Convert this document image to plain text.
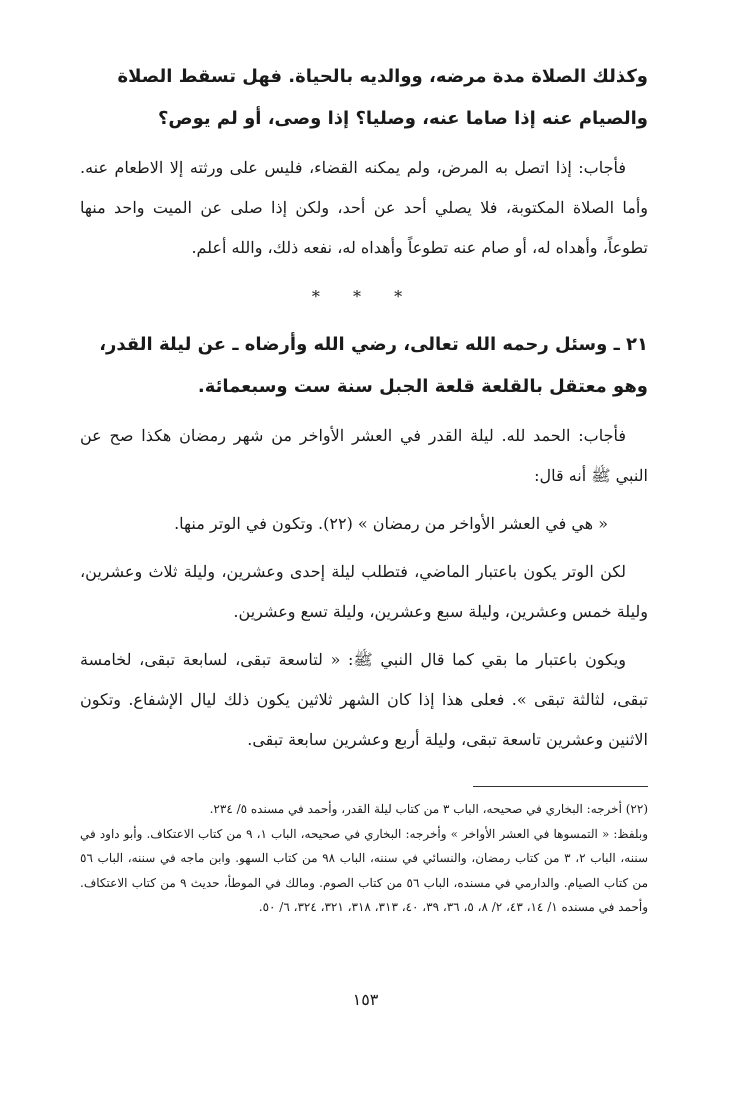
وكذلك الصلاة مدة مرضه، ووالديه بالحياة. فهل تسقط الصلاة والصيام عنه إذا صاما عنه، وصليا؟ إذا وصى، أو لم يوص؟

فأجاب: إذا اتصل به المرض، ولم يمكنه القضاء، فليس على ورثته إلا الاطعام عنه. وأما الصلاة المكتوبة، فلا يصلي أحد عن أحد، ولكن إذا صلى عن الميت واحد منها تطوعاً، وأهداه له، أو صام عنه تطوعاً وأهداه له، نفعه ذلك، والله أعلم.

* * *

٢١ ـ وسئل رحمه الله تعالى، رضي الله وأرضاه ـ عن ليلة القدر، وهو معتقل بالقلعة قلعة الجبل سنة ست وسبعمائة.

فأجاب: الحمد لله. ليلة القدر في العشر الأواخر من شهر رمضان هكذا صح عن النبي ﷺ أنه قال:

« هي في العشر الأواخر من رمضان » (٢٢). وتكون في الوتر منها.

لكن الوتر يكون باعتبار الماضي، فتطلب ليلة إحدى وعشرين، وليلة ثلاث وعشرين، وليلة خمس وعشرين، وليلة سبع وعشرين، وليلة تسع وعشرين.

ويكون باعتبار ما بقي كما قال النبي ﷺ: « لتاسعة تبقى، لسابعة تبقى، لخامسة تبقى، لثالثة تبقى ». فعلى هذا إذا كان الشهر ثلاثين يكون ذلك ليال الإشفاع. وتكون الاثنين وعشرين تاسعة تبقى، وليلة أربع وعشرين سابعة تبقى.

(٢٢) أخرجه: البخاري في صحيحه، الباب ٣ من كتاب ليلة القدر، وأحمد في مسنده ٥/ ٢٣٤.

وبلفظ: « التمسوها في العشر الأواخر » وأخرجه: البخاري في صحيحه، الباب ١، ٩ من كتاب الاعتكاف. وأبو داود في سننه، الباب ٢، ٣ من كتاب رمضان، والنسائي في سننه، الباب ٩٨ من كتاب السهو. وابن ماجه في سننه، الباب ٥٦ من كتاب الصيام. والدارمي في مسنده، الباب ٥٦ من كتاب الصوم. ومالك في الموطأ، حديث ٩ من كتاب الاعتكاف. وأحمد في مسنده ١/ ١٤، ٤٣، ٢/ ٨، ٥، ٣٦، ٣٩، ٤٠، ٣١٣، ٣١٨، ٣٢١، ٣٢٤، ٦/ ٥٠.

١٥٣
